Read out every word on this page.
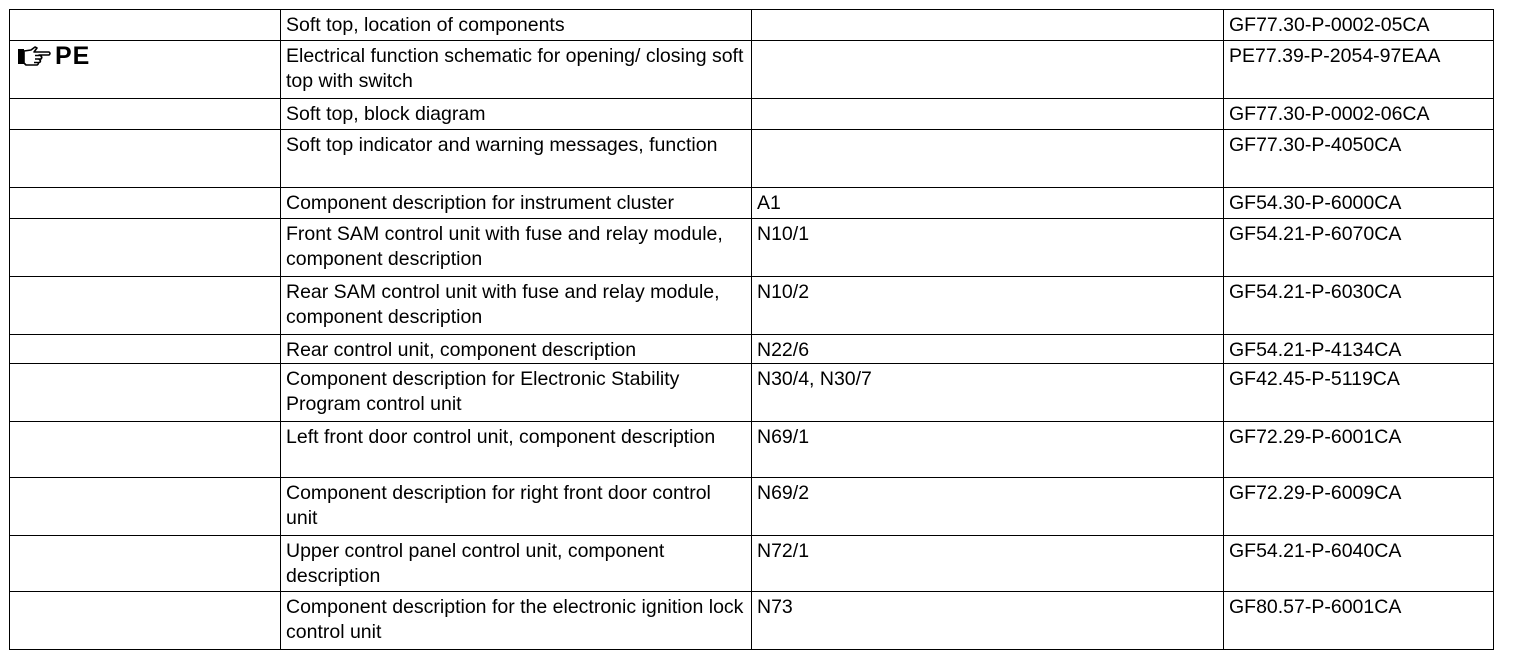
	Soft top, location of components		GF77.30-P-0002-05CA

PE	Electrical function schematic for opening/ closing soft top with switch		PE77.39-P-2054-97EAA
	Soft top, block diagram		GF77.30-P-0002-06CA
	Soft top indicator and warning messages, function		GF77.30-P-4050CA
	Component description for instrument cluster	A1	GF54.30-P-6000CA
	Front SAM control unit with fuse and relay module, component description	N10/1	GF54.21-P-6070CA
	Rear SAM control unit with fuse and relay module, component description	N10/2	GF54.21-P-6030CA
	Rear control unit, component description	N22/6	GF54.21-P-4134CA
	Component description for Electronic Stability Program control unit	N30/4, N30/7	GF42.45-P-5119CA
	Left front door control unit, component description	N69/1	GF72.29-P-6001CA
	Component description for right front door control unit	N69/2	GF72.29-P-6009CA
	Upper control panel control unit, component description	N72/1	GF54.21-P-6040CA
	Component description for the electronic ignition lock control unit	N73	GF80.57-P-6001CA
